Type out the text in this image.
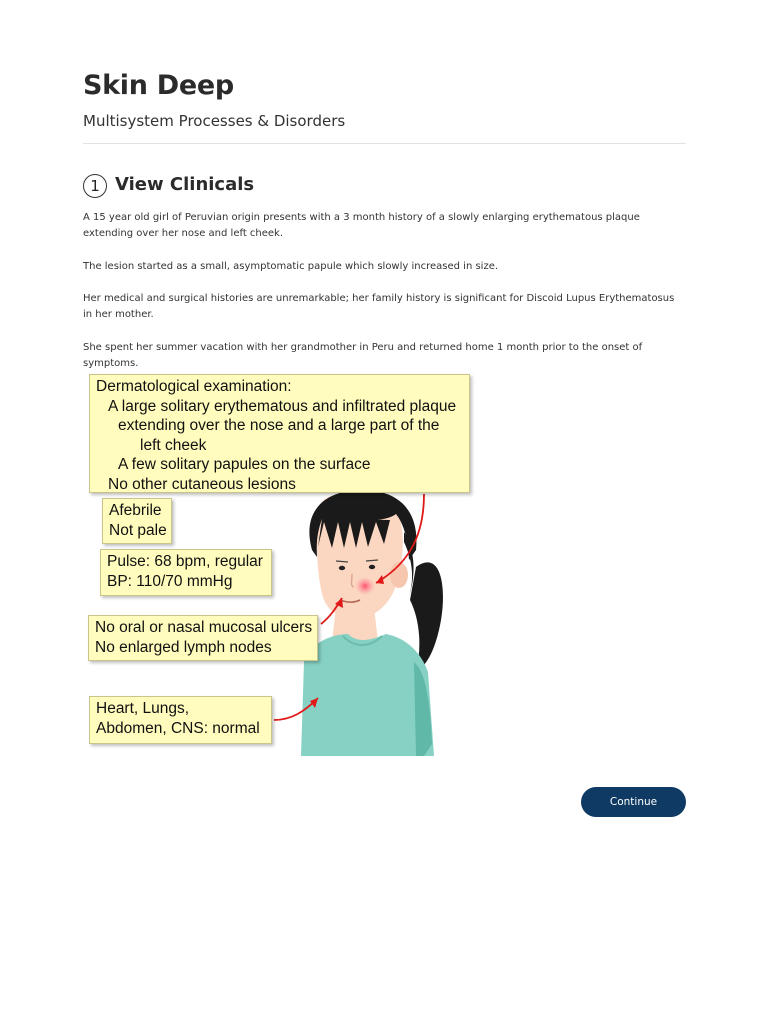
Skin Deep
Multisystem Processes & Disorders
1 View Clinicals

A 15 year old girl of Peruvian origin presents with a 3 month history of a slowly enlarging erythematous plaque extending over her nose and left cheek.

The lesion started as a small, asymptomatic papule which slowly increased in size.

Her medical and surgical histories are unremarkable; her family history is significant for Discoid Lupus Erythematosus in her mother.

She spent her summer vacation with her grandmother in Peru and returned home 1 month prior to the onset of symptoms.

Dermatological examination:
A large solitary erythematous and infiltrated plaque
extending over the nose and a large part of the
left cheek
A few solitary papules on the surface
No other cutaneous lesions
Afebrile
Not pale
Pulse: 68 bpm, regular
BP: 110/70 mmHg
No oral or nasal mucosal ulcers
No enlarged lymph nodes
Heart, Lungs,
Abdomen, CNS: normal
Continue
